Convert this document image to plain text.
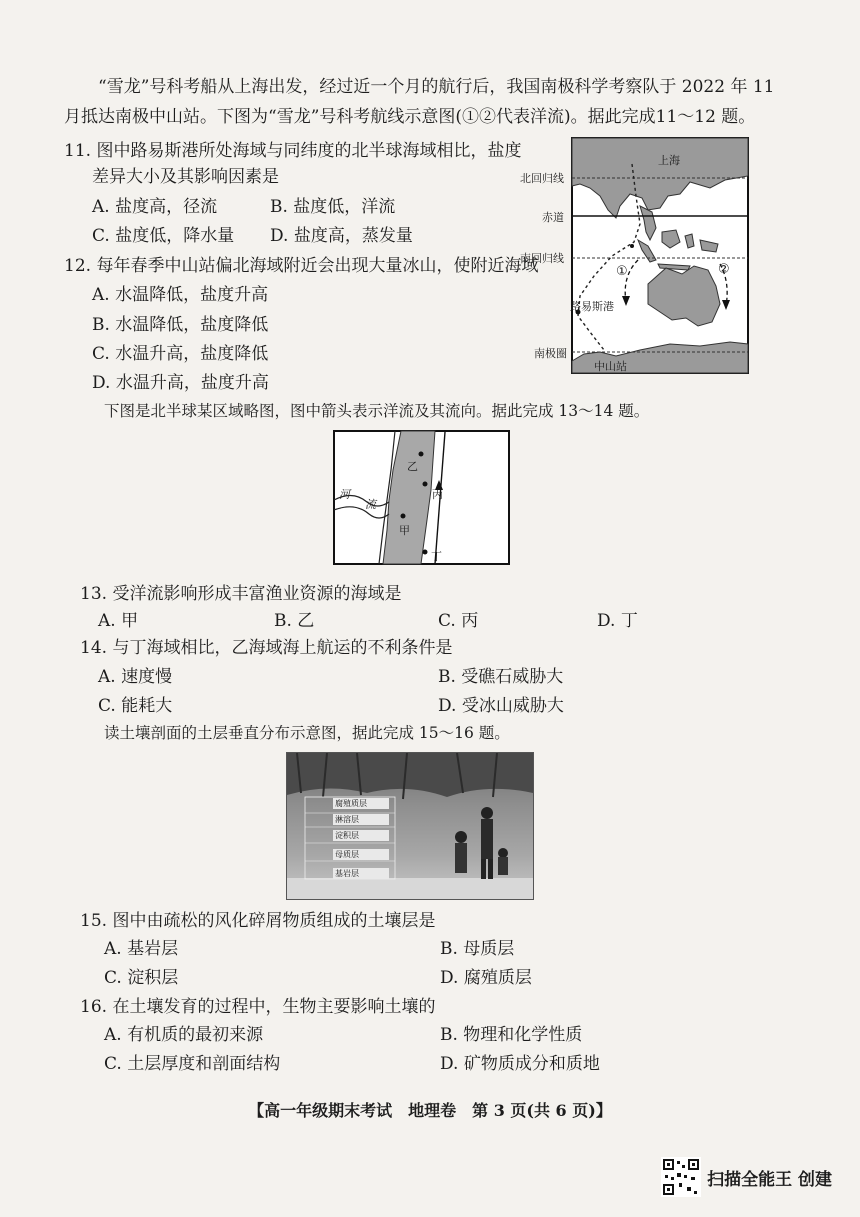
“雪龙”号科考船从上海出发，经过近一个月的航行后，我国南极科学考察队于 2022 年 11
月抵达南极中山站。下图为“雪龙”号科考航线示意图(①②代表洋流)。据此完成11～12 题。
11. 图中路易斯港所处海域与同纬度的北半球海域相比，盐度
差异大小及其影响因素是
A. 盐度高，径流	B. 盐度低，洋流
C. 盐度低，降水量 D. 盐度高，蒸发量
12. 每年春季中山站偏北海域附近会出现大量冰山，使附近海域
A. 水温降低，盐度升高
B. 水温降低，盐度降低
C. 水温升高，盐度降低
D. 水温升高，盐度升高
上海
北回归线
赤道
南回归线
①	②
路易斯港
南极圈
中山站
下图是北半球某区域略图，图中箭头表示洋流及其流向。据此完成 13～14 题。
河
流
乙
丙
甲
丁
13. 受洋流影响形成丰富渔业资源的海域是
A. 甲	B. 乙	C. 丙	D. 丁
14. 与丁海域相比，乙海域海上航运的不利条件是
A. 速度慢	B. 受礁石威胁大
C. 能耗大	D. 受冰山威胁大
读土壤剖面的土层垂直分布示意图，据此完成 15～16 题。
腐殖质层
淋溶层
淀积层
母质层
基岩层
15. 图中由疏松的风化碎屑物质组成的土壤层是
A. 基岩层	B. 母质层
C. 淀积层	D. 腐殖质层
16. 在土壤发育的过程中，生物主要影响土壤的
A. 有机质的最初来源	B. 物理和化学性质
C. 土层厚度和剖面结构	D. 矿物质成分和质地
【高一年级期末考试　地理卷　第 3 页(共 6 页)】
扫描全能王 创建
